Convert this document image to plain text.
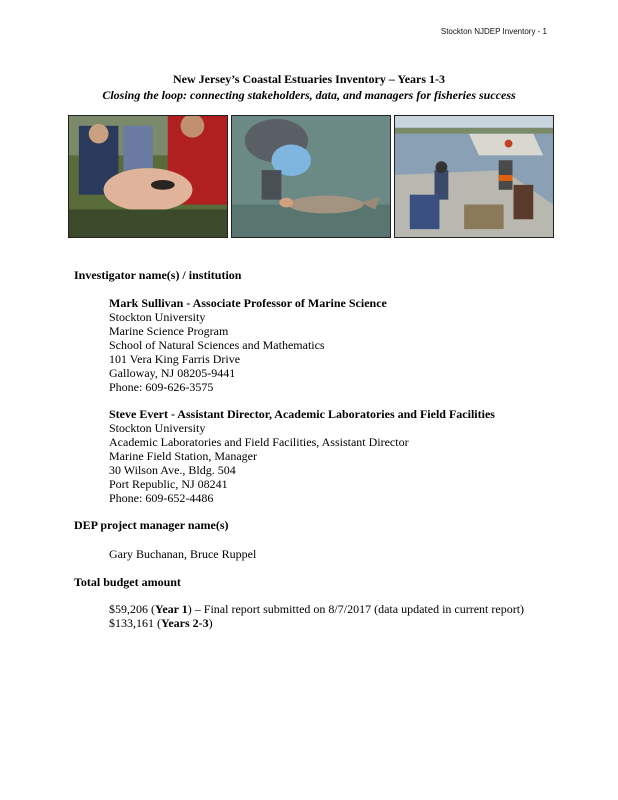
Stockton NJDEP Inventory - 1
New Jersey’s Coastal Estuaries Inventory – Years 1-3
Closing the loop: connecting stakeholders, data, and managers for fisheries success
Investigator name(s) / institution
Mark Sullivan - Associate Professor of Marine Science
Stockton University
Marine Science Program
School of Natural Sciences and Mathematics
101 Vera King Farris Drive
Galloway, NJ 08205-9441
Phone: 609-626-3575
Steve Evert - Assistant Director, Academic Laboratories and Field Facilities
Stockton University
Academic Laboratories and Field Facilities, Assistant Director
Marine Field Station, Manager
30 Wilson Ave., Bldg. 504
Port Republic, NJ 08241
Phone: 609-652-4486
DEP project manager name(s)
Gary Buchanan, Bruce Ruppel
Total budget amount
$59,206 (Year 1) – Final report submitted on 8/7/2017 (data updated in current report)
$133,161 (Years 2-3)
